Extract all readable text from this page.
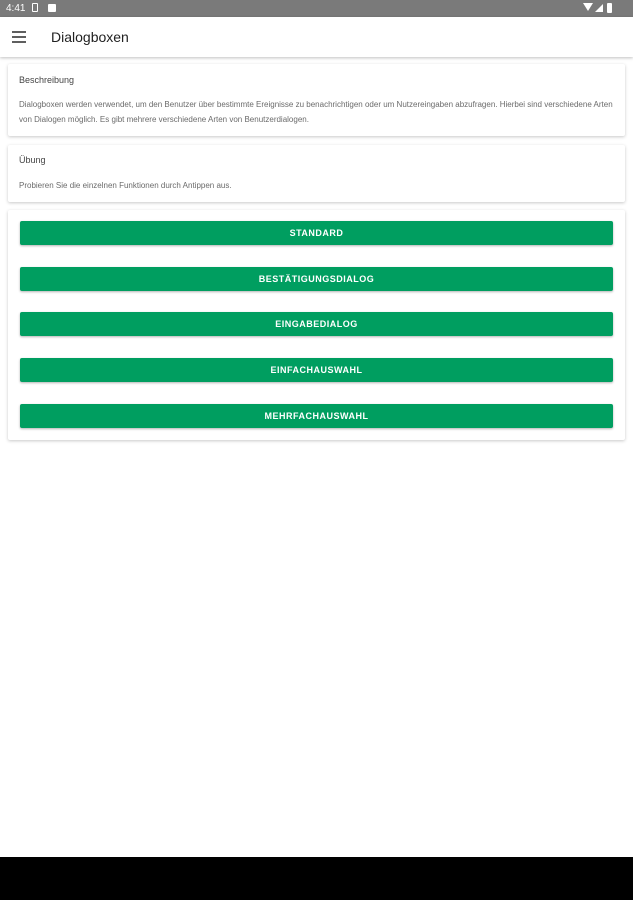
4:41
Dialogboxen
Beschreibung
Dialogboxen werden verwendet, um den Benutzer über bestimmte Ereignisse zu benachrichtigen oder um Nutzereingaben abzufragen. Hierbei sind verschiedene Arten von Dialogen möglich. Es gibt mehrere verschiedene Arten von Benutzerdialogen.
Übung
Probieren Sie die einzelnen Funktionen durch Antippen aus.
STANDARD
BESTÄTIGUNGSDIALOG
EINGABEDIALOG
EINFACHAUSWAHL
MEHRFACHAUSWAHL
